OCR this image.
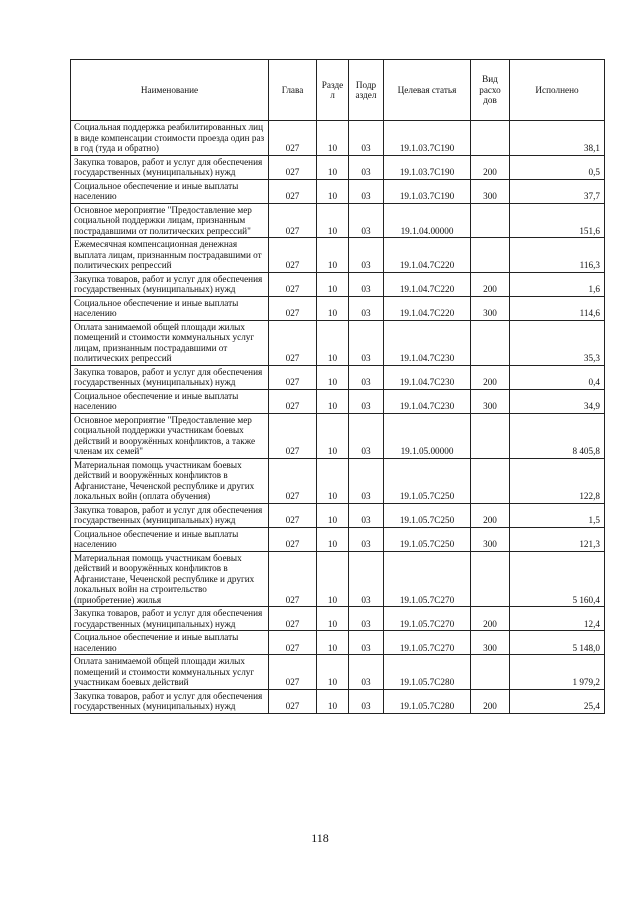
Наименование	Глава	Разде л	Подр аздел	Целевая статья	Вид расхо дов	Исполнено
Социальная поддержка реабилитированных лиц в виде компенсации стоимости проезда один раз в год (туда и обратно)	027	10	03	19.1.03.7С190		38,1
Закупка товаров, работ и услуг для обеспечения государственных (муниципальных) нужд	027	10	03	19.1.03.7С190	200	0,5
Социальное обеспечение и иные выплаты населению	027	10	03	19.1.03.7С190	300	37,7
Основное мероприятие "Предоставление мер социальной поддержки лицам, признанным пострадавшими от политических репрессий"	027	10	03	19.1.04.00000		151,6
Ежемесячная компенсационная денежная выплата лицам, признанным пострадавшими от политических репрессий	027	10	03	19.1.04.7С220		116,3
Закупка товаров, работ и услуг для обеспечения государственных (муниципальных) нужд	027	10	03	19.1.04.7С220	200	1,6
Социальное обеспечение и иные выплаты населению	027	10	03	19.1.04.7С220	300	114,6
Оплата занимаемой общей площади жилых помещений и стоимости коммунальных услуг лицам, признанным пострадавшими от политических репрессий	027	10	03	19.1.04.7С230		35,3
Закупка товаров, работ и услуг для обеспечения государственных (муниципальных) нужд	027	10	03	19.1.04.7С230	200	0,4
Социальное обеспечение и иные выплаты населению	027	10	03	19.1.04.7С230	300	34,9
Основное мероприятие "Предоставление мер социальной поддержки участникам боевых действий и вооружённых конфликтов, а также членам их семей"	027	10	03	19.1.05.00000		8 405,8
Материальная помощь участникам боевых действий и вооружённых конфликтов в Афганистане, Чеченской республике и других локальных войн (оплата обучения)	027	10	03	19.1.05.7С250		122,8
Закупка товаров, работ и услуг для обеспечения государственных (муниципальных) нужд	027	10	03	19.1.05.7С250	200	1,5
Социальное обеспечение и иные выплаты населению	027	10	03	19.1.05.7С250	300	121,3
Материальная помощь участникам боевых действий и вооружённых конфликтов в Афганистане, Чеченской республике и других локальных войн на строительство (приобретение) жилья	027	10	03	19.1.05.7С270		5 160,4
Закупка товаров, работ и услуг для обеспечения государственных (муниципальных) нужд	027	10	03	19.1.05.7С270	200	12,4
Социальное обеспечение и иные выплаты населению	027	10	03	19.1.05.7С270	300	5 148,0
Оплата занимаемой общей площади жилых помещений и стоимости коммунальных услуг участникам боевых действий	027	10	03	19.1.05.7С280		1 979,2
Закупка товаров, работ и услуг для обеспечения государственных (муниципальных) нужд	027	10	03	19.1.05.7С280	200	25,4
118
